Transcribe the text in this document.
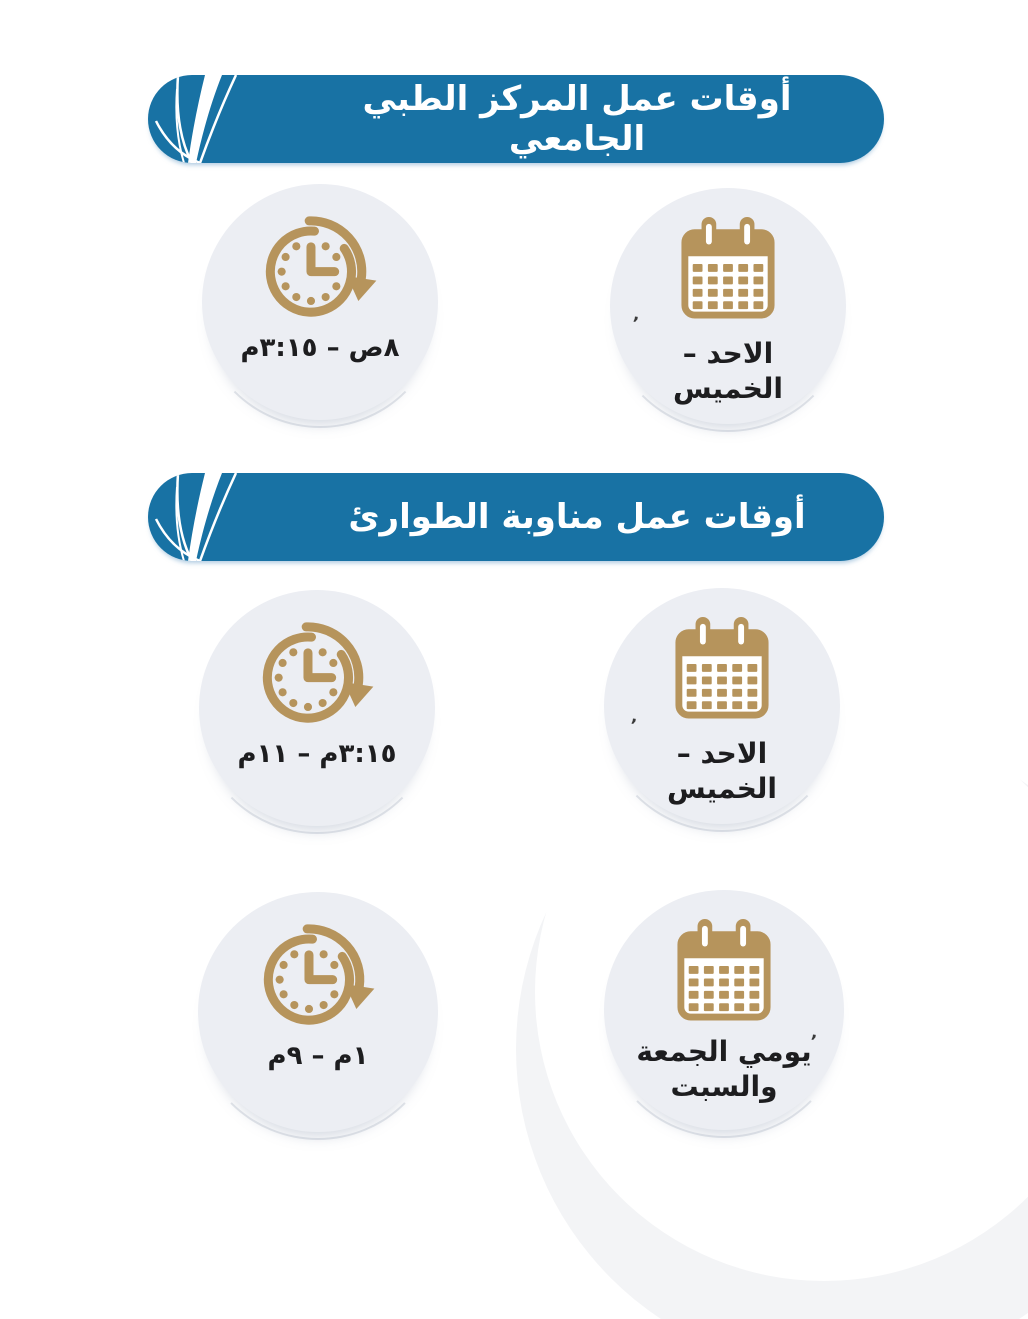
أوقات عمل المركز الطبي الجامعي
٨ص – ٣:١٥م
ʼ
الاحد – الخميس
أوقات عمل مناوبة الطوارئ
٣:١٥م – ١١م
ʼ
الاحد – الخميس
١م – ٩م	ʼ
يومي الجمعة والسبت
